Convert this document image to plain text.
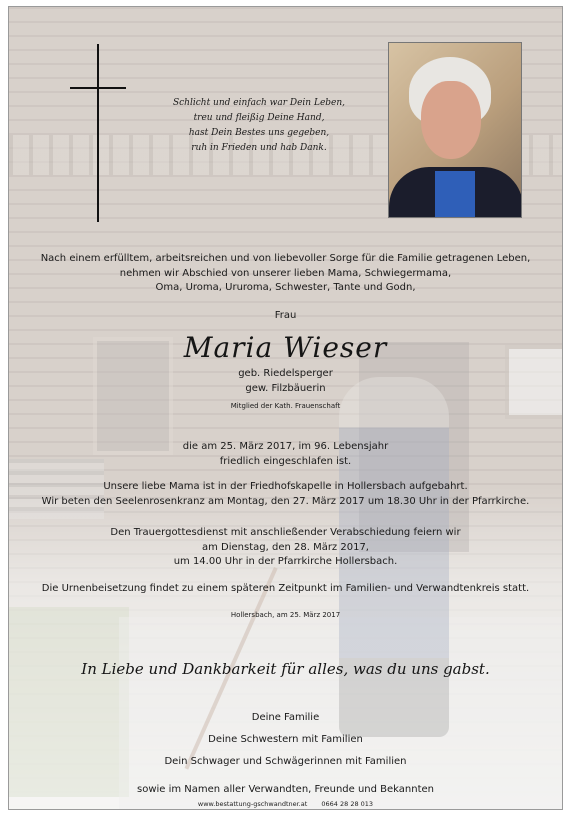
Schlicht und einfach war Dein Leben,
treu und fleißig Deine Hand,
hast Dein Bestes uns gegeben,
ruh in Frieden und hab Dank.
Nach einem erfülltem, arbeitsreichen und von liebevoller Sorge für die Familie getragenen Leben,
nehmen wir Abschied von unserer lieben Mama, Schwiegermama,
Oma, Uroma, Ururoma, Schwester, Tante und Godn,
Frau
Maria Wieser
geb. Riedelsperger
gew. Filzbäuerin
Mitglied der Kath. Frauenschaft
die am 25. März 2017, im 96. Lebensjahr
friedlich eingeschlafen ist.
Unsere liebe Mama ist in der Friedhofskapelle in Hollersbach aufgebahrt.
Wir beten den Seelenrosenkranz am Montag, den 27. März 2017 um 18.30 Uhr in der Pfarrkirche.
Den Trauergottesdienst mit anschließender Verabschiedung feiern wir
am Dienstag, den 28. März 2017,
um 14.00 Uhr in der Pfarrkirche Hollersbach.
Die Urnenbeisetzung findet zu einem späteren Zeitpunkt im Familien- und Verwandtenkreis statt.
Hollersbach, am 25. März 2017
In Liebe und Dankbarkeit für alles, was du uns gabst.
Deine Familie
Deine Schwestern mit Familien
Dein Schwager und Schwägerinnen mit Familien
sowie im Namen aller Verwandten, Freunde und Bekannten
www.bestattung-gschwandtner.at 0664 28 28 013
